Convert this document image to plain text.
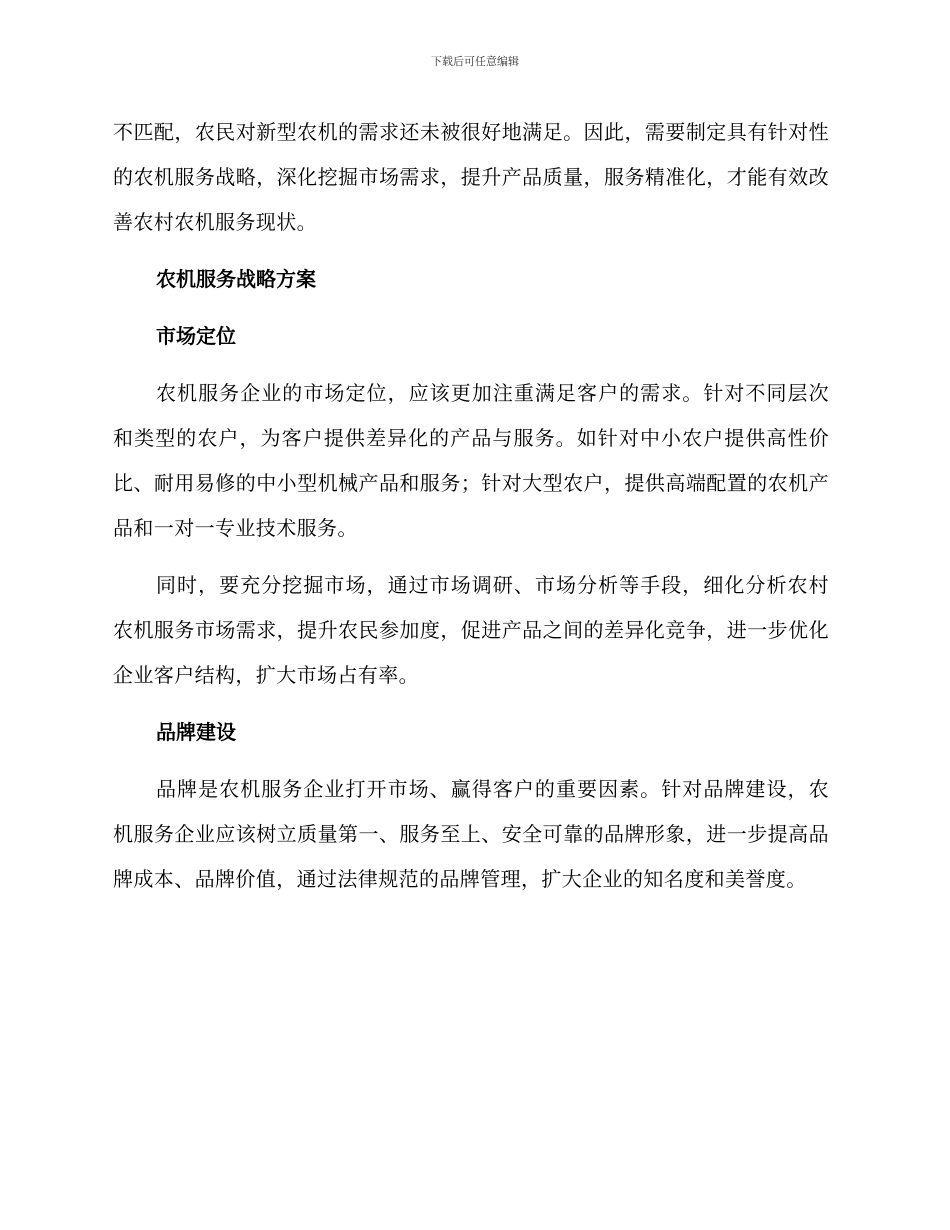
下载后可任意编辑

不匹配，农民对新型农机的需求还未被很好地满足。因此，需要制定具有针对性的农机服务战略，深化挖掘市场需求，提升产品质量，服务精准化，才能有效改善农村农机服务现状。

农机服务战略方案
市场定位

农机服务企业的市场定位，应该更加注重满足客户的需求。针对不同层次和类型的农户，为客户提供差异化的产品与服务。如针对中小农户提供高性价比、耐用易修的中小型机械产品和服务；针对大型农户，提供高端配置的农机产品和一对一专业技术服务。

同时，要充分挖掘市场，通过市场调研、市场分析等手段，细化分析农村农机服务市场需求，提升农民参加度，促进产品之间的差异化竞争，进一步优化企业客户结构，扩大市场占有率。

品牌建设

品牌是农机服务企业打开市场、赢得客户的重要因素。针对品牌建设，农机服务企业应该树立质量第一、服务至上、安全可靠的品牌形象，进一步提高品牌成本、品牌价值，通过法律规范的品牌管理，扩大企业的知名度和美誉度。
